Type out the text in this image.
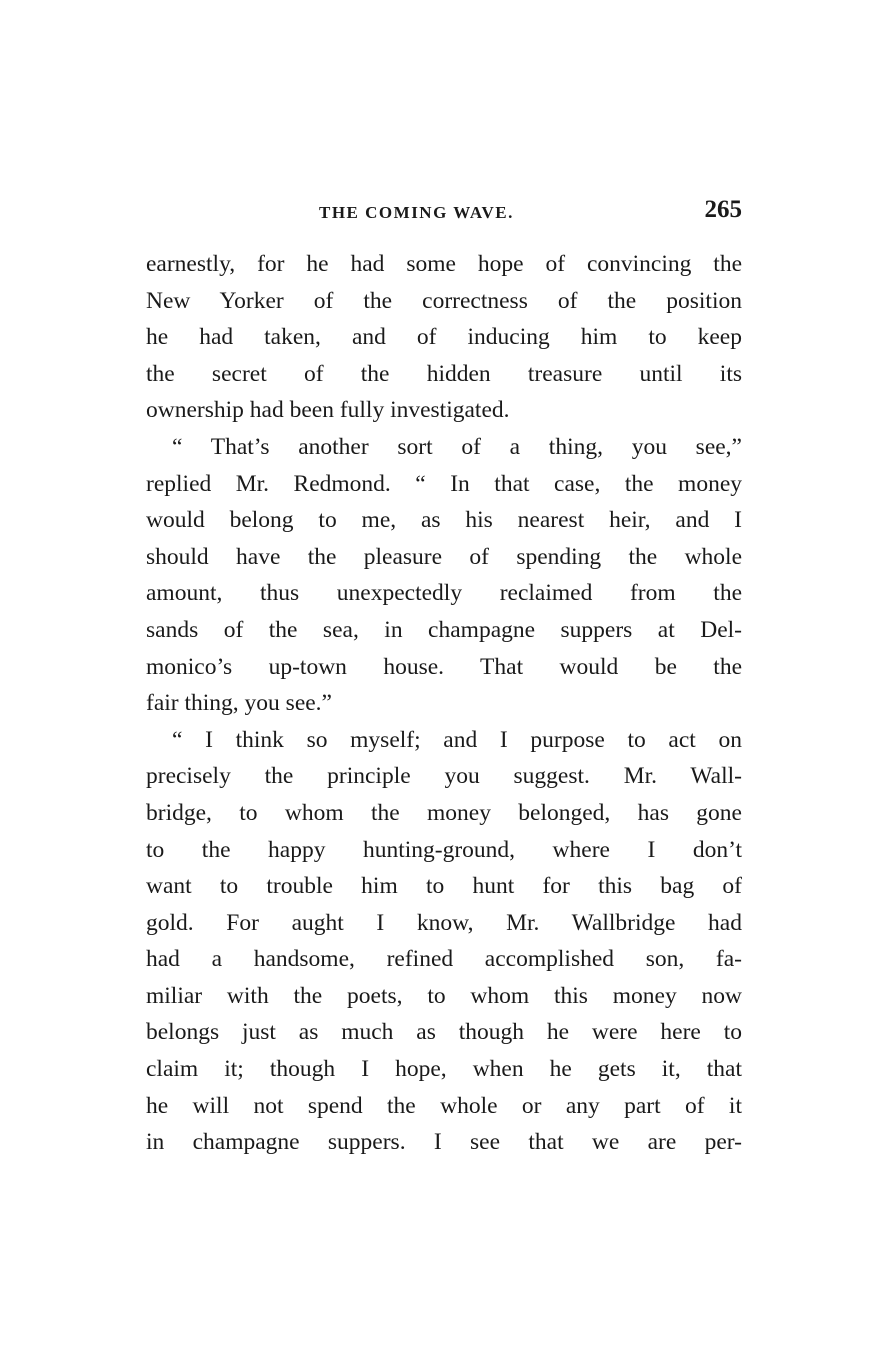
THE COMING WAVE.	265
earnestly, for he had some hope of convincing the
New Yorker of the correctness of the position
he had taken, and of inducing him to keep
the secret of the hidden treasure until its
ownership had been fully investigated.
“ That’s another sort of a thing, you see,”
replied Mr. Redmond. “ In that case, the money
would belong to me, as his nearest heir, and I
should have the pleasure of spending the whole
amount, thus unexpectedly reclaimed from the
sands of the sea, in champagne suppers at Del-
monico’s up-town house. That would be the
fair thing, you see.”
“ I think so myself; and I purpose to act on
precisely the principle you suggest. Mr. Wall-
bridge, to whom the money belonged, has gone
to the happy hunting-ground, where I don’t
want to trouble him to hunt for this bag of
gold. For aught I know, Mr. Wallbridge had
had a handsome, refined accomplished son, fa-
miliar with the poets, to whom this money now
belongs just as much as though he were here to
claim it; though I hope, when he gets it, that
he will not spend the whole or any part of it
in champagne suppers. I see that we are per-
